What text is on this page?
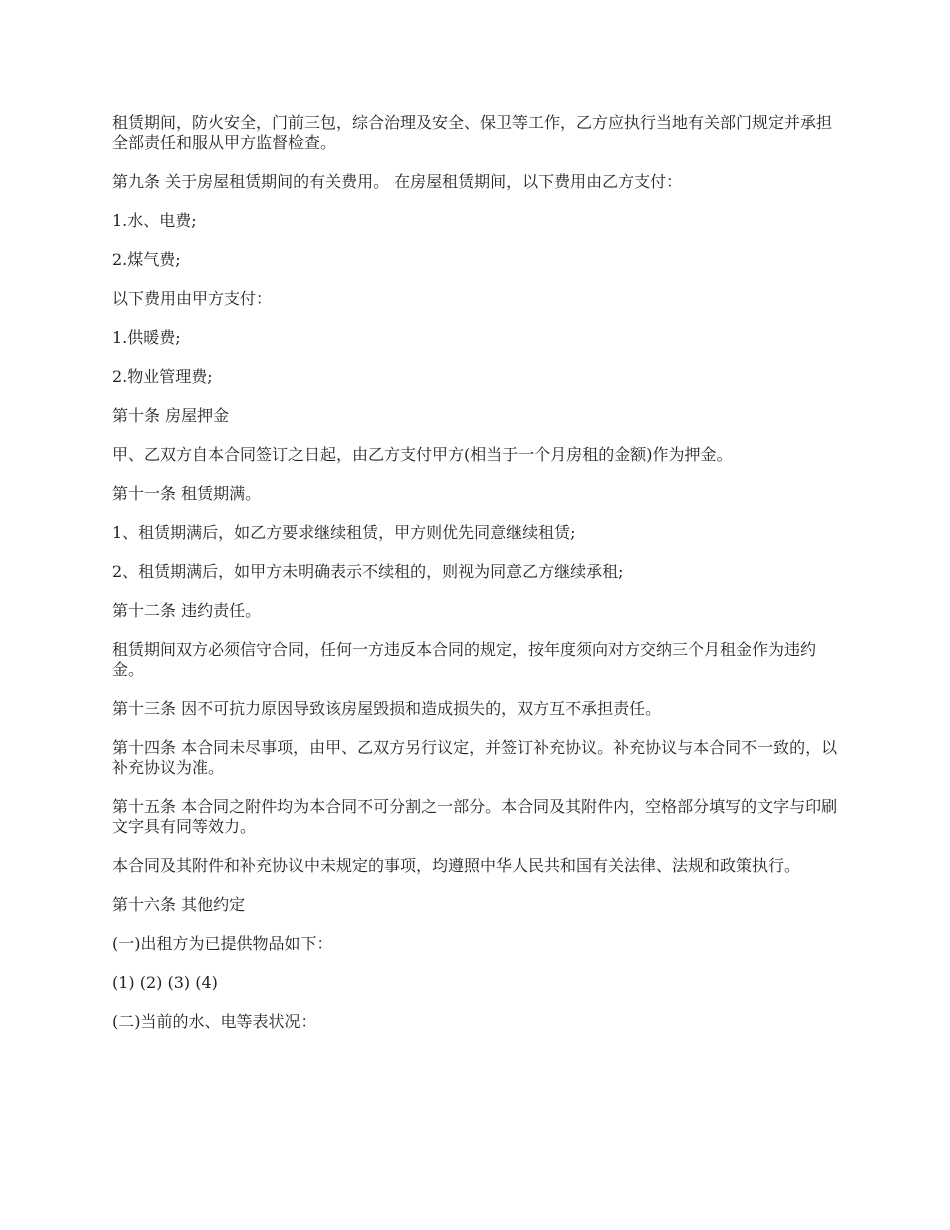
租赁期间，防火安全，门前三包，综合治理及安全、保卫等工作，乙方应执行当地有关部门规定并承担全部责任和服从甲方监督检查。

第九条 关于房屋租赁期间的有关费用。 在房屋租赁期间，以下费用由乙方支付：

1.水、电费;

2.煤气费;

以下费用由甲方支付：

1.供暖费;

2.物业管理费;

第十条 房屋押金

甲、乙双方自本合同签订之日起，由乙方支付甲方(相当于一个月房租的金额)作为押金。

第十一条 租赁期满。

1、租赁期满后，如乙方要求继续租赁，甲方则优先同意继续租赁;

2、租赁期满后，如甲方未明确表示不续租的，则视为同意乙方继续承租;

第十二条 违约责任。

租赁期间双方必须信守合同，任何一方违反本合同的规定，按年度须向对方交纳三个月租金作为违约金。

第十三条 因不可抗力原因导致该房屋毁损和造成损失的，双方互不承担责任。

第十四条 本合同未尽事项，由甲、乙双方另行议定，并签订补充协议。补充协议与本合同不一致的，以补充协议为准。

第十五条 本合同之附件均为本合同不可分割之一部分。本合同及其附件内，空格部分填写的文字与印刷文字具有同等效力。

本合同及其附件和补充协议中未规定的事项，均遵照中华人民共和国有关法律、法规和政策执行。

第十六条 其他约定

(一)出租方为已提供物品如下：

(1) (2) (3) (4)

(二)当前的水、电等表状况：
